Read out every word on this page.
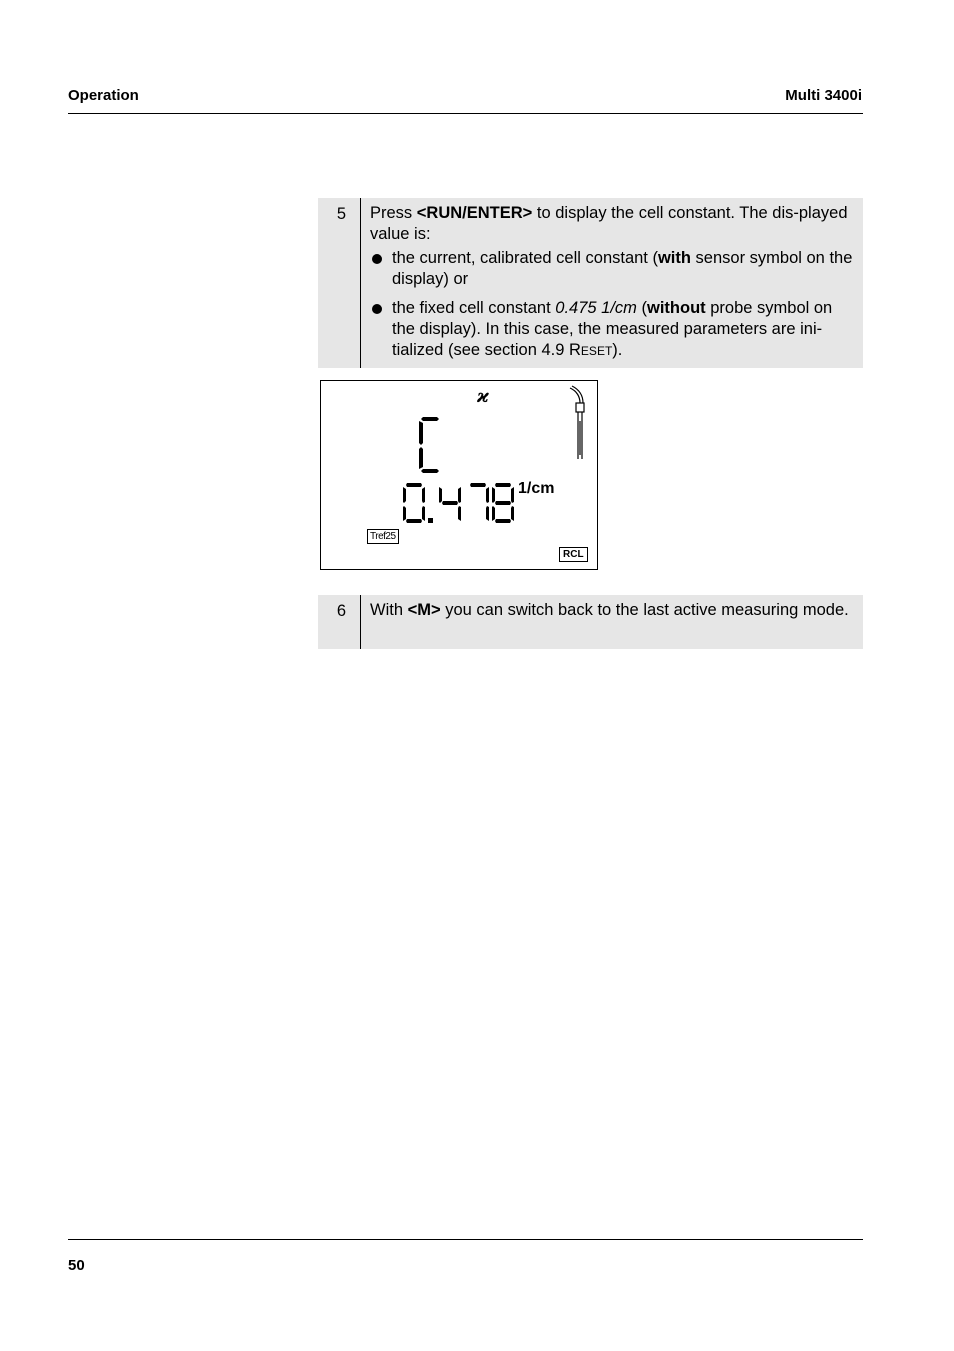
Operation	Multi 3400i
5	Press <RUN/ENTER> to display the cell constant. The dis-played value is:
the current, calibrated cell constant (with sensor symbol on the display) or
the fixed cell constant 0.475 1/cm (without probe symbol on the display). In this case, the measured parameters are ini-tialized (see section 4.9 Reset).
ϰ
1/cm
Tref25
RCL
6	With <M> you can switch back to the last active measuring mode.
50
